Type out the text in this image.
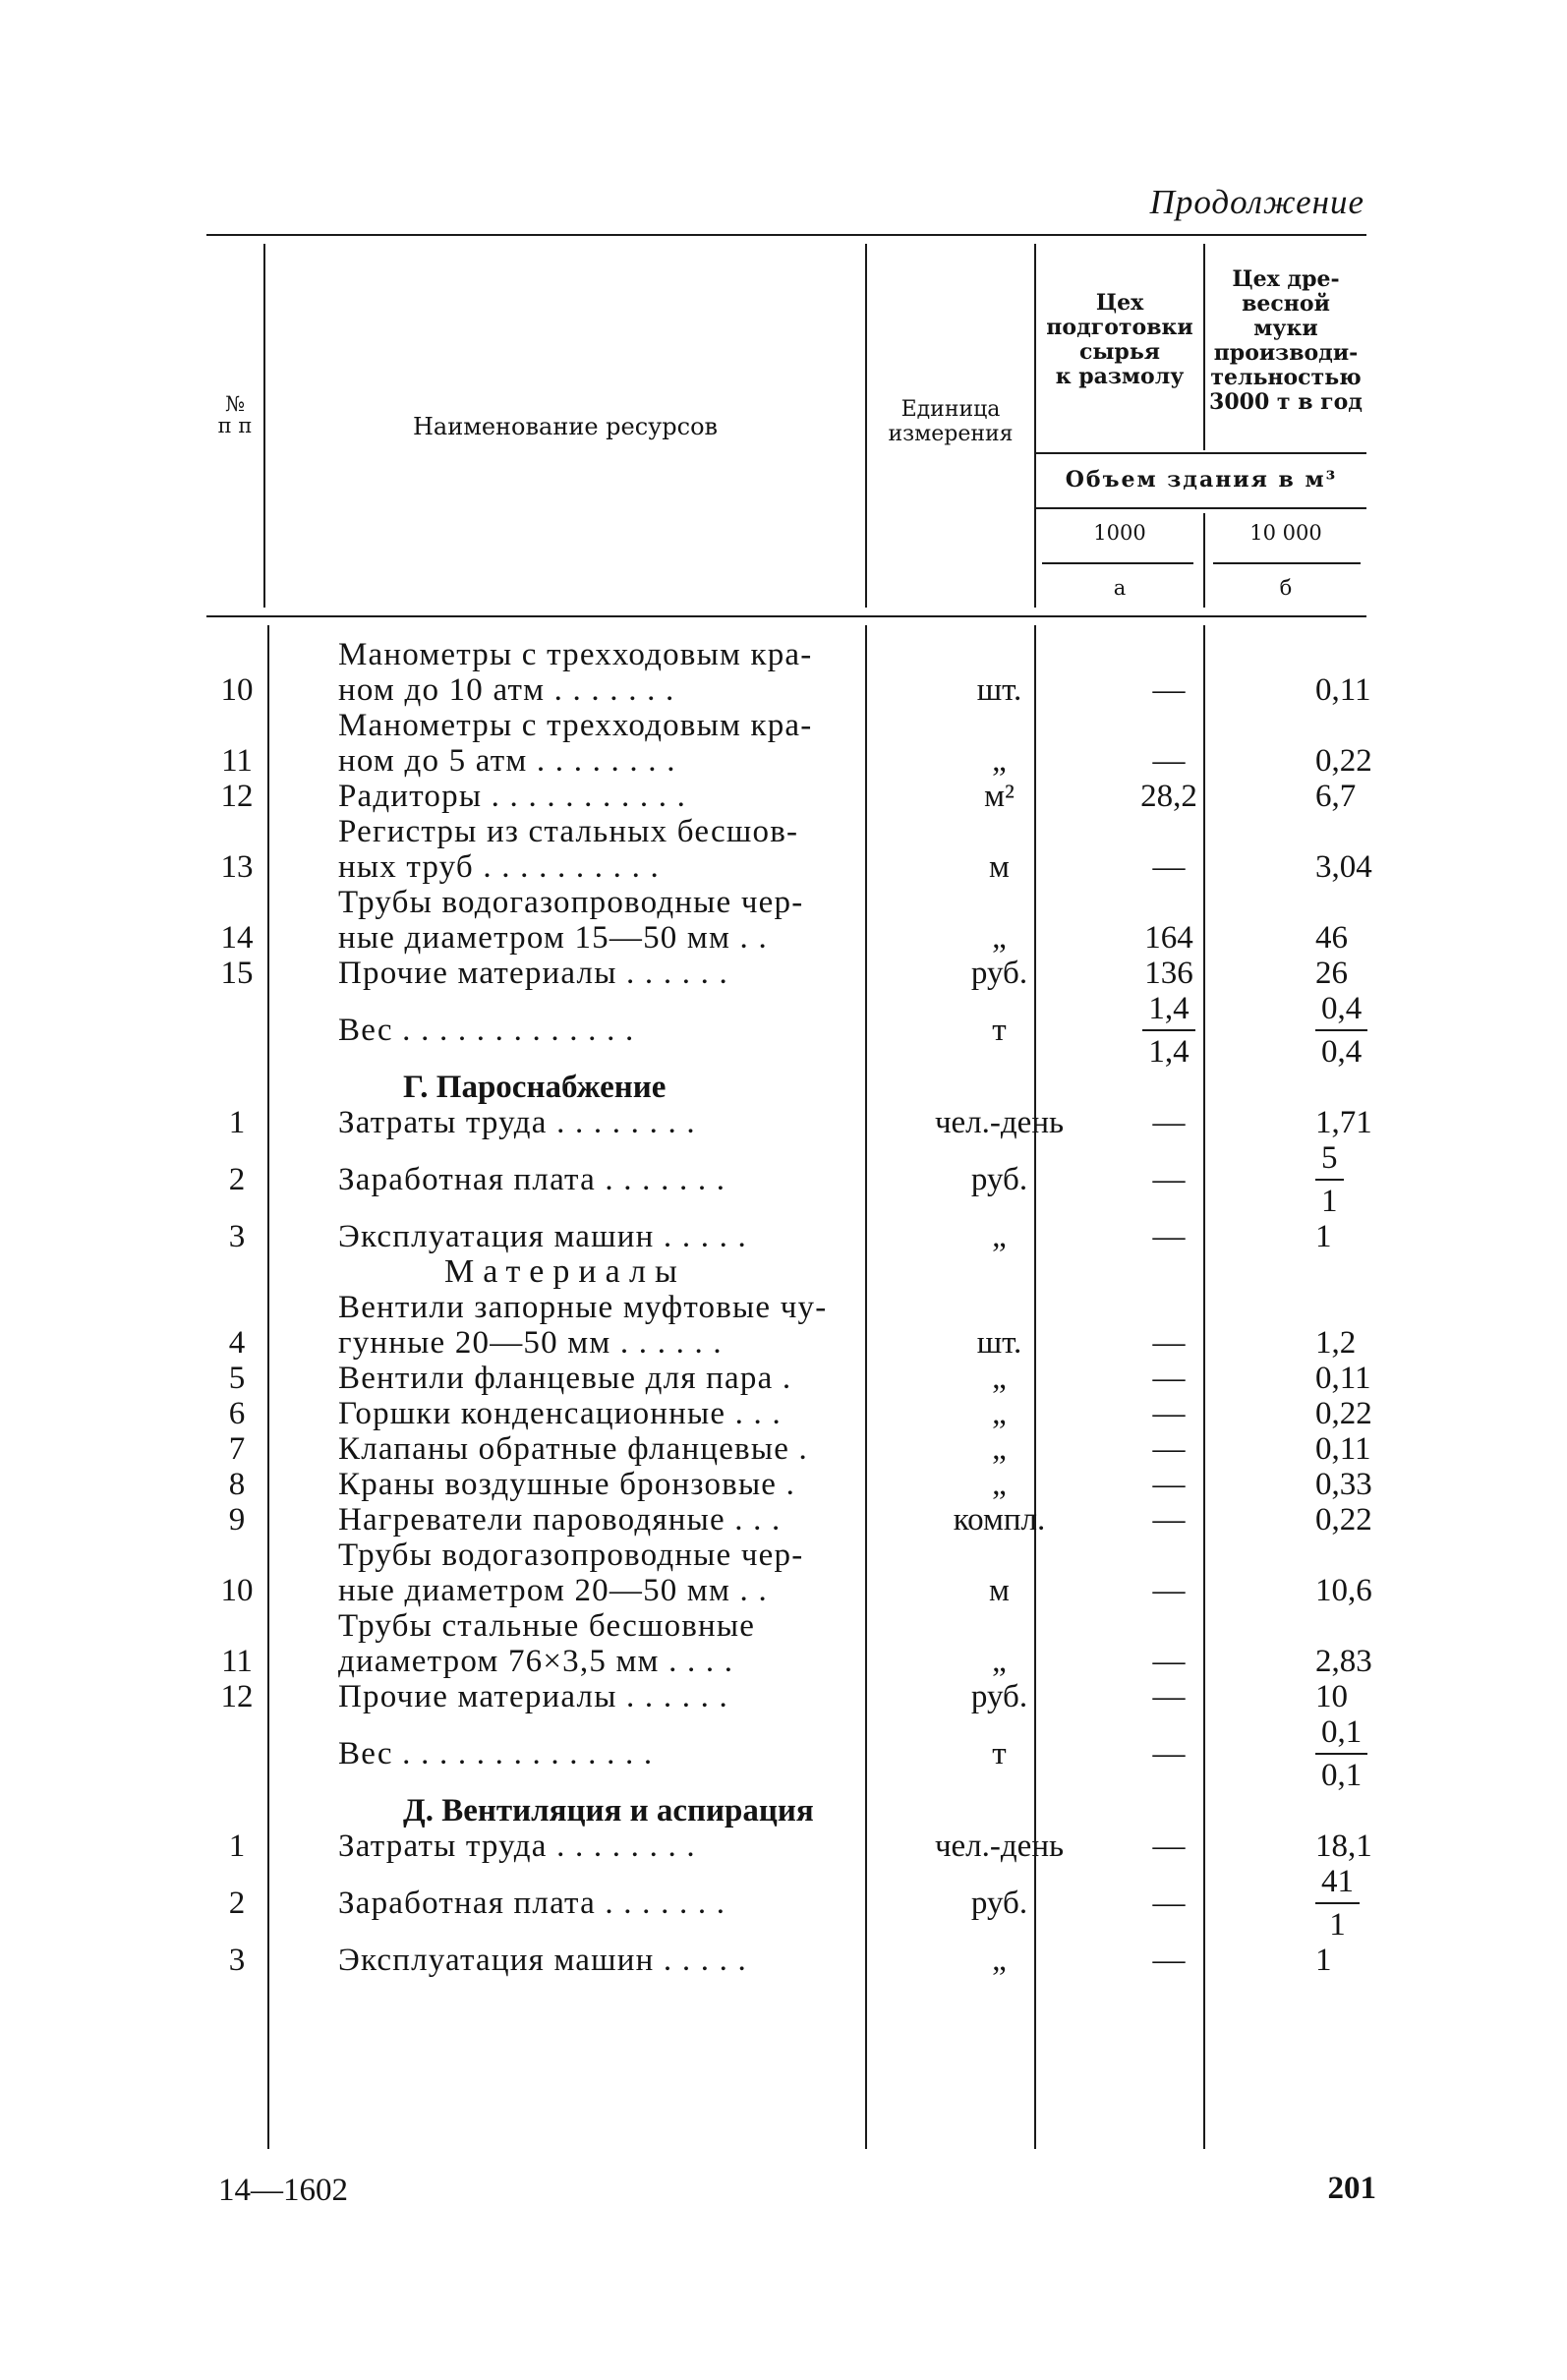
Продолжение
№
п п	Наименование ресурсов
Единица
измерения
Цех
подготовки
сырья
к размолу
Цех дре-
весной
муки
производи-
тельностью
3000 т в год
Объем здания в м³
1000	10 000
а	б
10	Манометры с трехходовым кра-
ном до 10 атм . . . . . . .	шт.	—	0,11
11	Манометры с трехходовым кра-
ном до 5 атм . . . . . . . .	„	—	0,22
12	Радиторы . . . . . . . . . . .	м²	28,2	6,7
13	Регистры из стальных бесшов-
ных труб . . . . . . . . . .	м	—	3,04
14	Трубы водогазопроводные чер-
ные диаметром 15—50 мм . .	„	164	46
15	Прочие материалы . . . . . .	руб.	136	26

	Вес . . . . . . . . . . . . .	т	$\frac{1,4}{1,4}$	$\frac{0,4}{0,4}$

Г. Пароснабжение				
1	Затраты труда . . . . . . . .	чел.-день	—	1,71
2	Заработная плата . . . . . . .	руб.	—	$\frac{5}{1}$

3	Эксплуатация машин . . . . .	„	—	1
Материалы				
4	Вентили запорные муфтовые чу-
гунные 20—50 мм . . . . . .	шт.	—	1,2
5	Вентили фланцевые для пара .	„	—	0,11
6	Горшки конденсационные . . .	„	—	0,22
7	Клапаны обратные фланцевые .	„	—	0,11
8	Краны воздушные бронзовые .	„	—	0,33
9	Нагреватели пароводяные . . .	компл.	—	0,22
10	Трубы водогазопроводные чер-
ные диаметром 20—50 мм . .	м	—	10,6
11	Трубы стальные бесшовные
диаметром 76×3,5 мм . . . .	„	—	2,83
12	Прочие материалы . . . . . .	руб.	—	10

	Вес . . . . . . . . . . . . . .	т	—	$\frac{0,1}{0,1}$

Д. Вентиляция и аспирация				
1	Затраты труда . . . . . . . .	чел.-день	—	18,1
2	Заработная плата . . . . . . .	руб.	—	$\frac{41}{1}$

3	Эксплуатация машин . . . . .	„	—	1
14—1602	201
